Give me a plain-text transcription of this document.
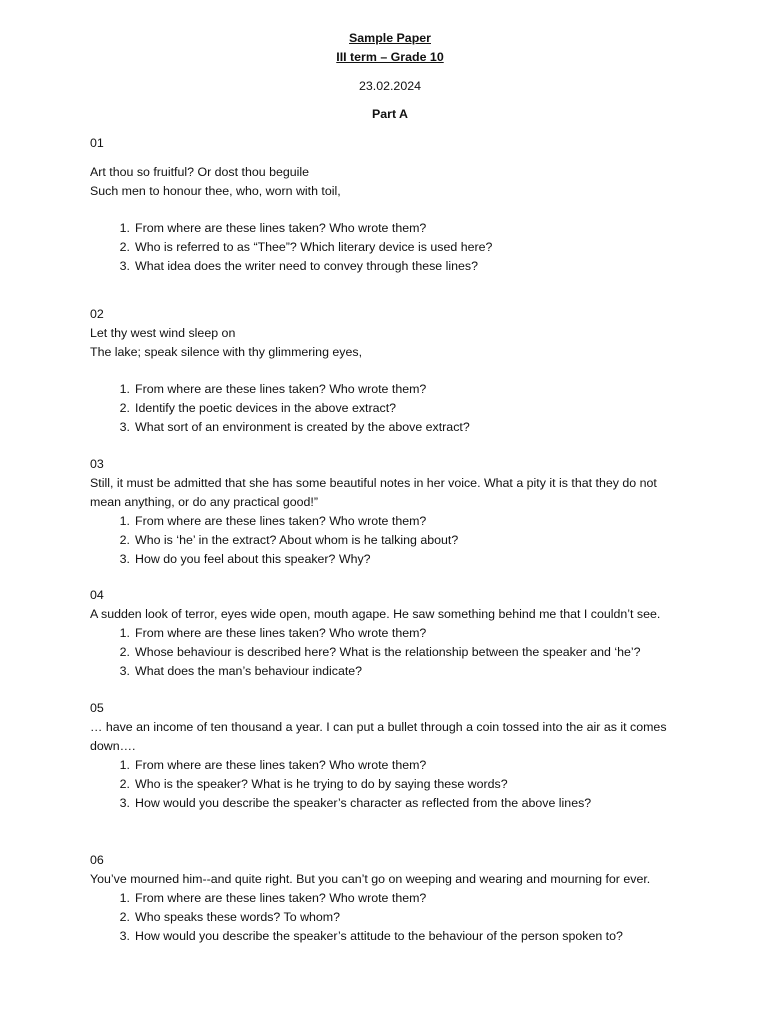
Sample Paper
III term – Grade 10
23.02.2024
Part A
01
Art thou so fruitful? Or dost thou beguile
Such men to honour thee, who, worn with toil,
1. From where are these lines taken? Who wrote them?
2. Who is referred to as “Thee”? Which literary device is used here?
3. What idea does the writer need to convey through these lines?
02
Let thy west wind sleep on
The lake; speak silence with thy glimmering eyes,
1. From where are these lines taken? Who wrote them?
2. Identify the poetic devices in the above extract?
3. What sort of an environment is created by the above extract?
03
Still, it must be admitted that she has some beautiful notes in her voice. What a pity it is that they do not mean anything, or do any practical good!”
1. From where are these lines taken? Who wrote them?
2. Who is ‘he’ in the extract? About whom is he talking about?
3. How do you feel about this speaker? Why?
04
A sudden look of terror, eyes wide open, mouth agape. He saw something behind me that I couldn’t see.
1. From where are these lines taken? Who wrote them?
2. Whose behaviour is described here? What is the relationship between the speaker and ‘he’?
3. What does the man’s behaviour indicate?
05
… have an income of ten thousand a year. I can put a bullet through a coin tossed into the air as it comes down….
1. From where are these lines taken? Who wrote them?
2. Who is the speaker? What is he trying to do by saying these words?
3. How would you describe the speaker’s character as reflected from the above lines?
06
You’ve mourned him--and quite right. But you can’t go on weeping and wearing and mourning for ever.
1. From where are these lines taken? Who wrote them?
2. Who speaks these words? To whom?
3. How would you describe the speaker’s attitude to the behaviour of the person spoken to?
